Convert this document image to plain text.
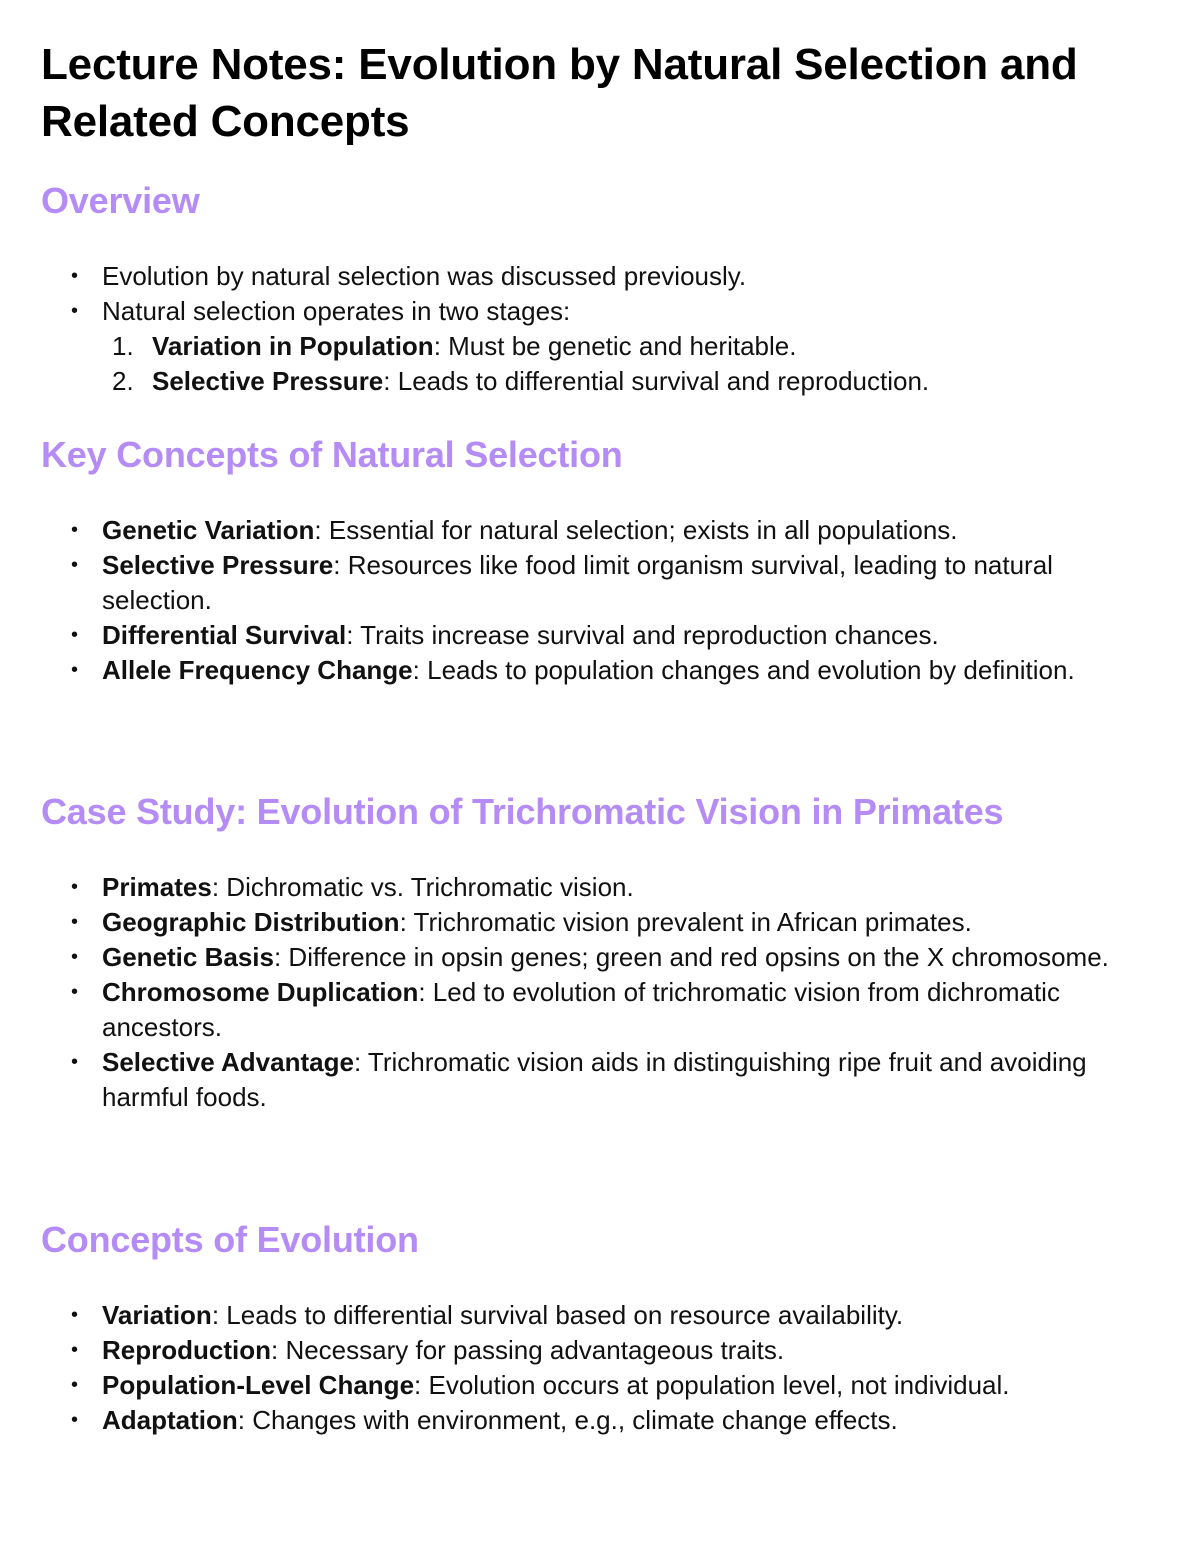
Lecture Notes: Evolution by Natural Selection and Related Concepts
Overview
• Evolution by natural selection was discussed previously.
• Natural selection operates in two stages:
1. Variation in Population: Must be genetic and heritable.
2. Selective Pressure: Leads to differential survival and reproduction.
Key Concepts of Natural Selection
• Genetic Variation: Essential for natural selection; exists in all populations.
• Selective Pressure: Resources like food limit organism survival, leading to natural selection.
• Differential Survival: Traits increase survival and reproduction chances.
• Allele Frequency Change: Leads to population changes and evolution by definition.
Case Study: Evolution of Trichromatic Vision in Primates
• Primates: Dichromatic vs. Trichromatic vision.
• Geographic Distribution: Trichromatic vision prevalent in African primates.
• Genetic Basis: Difference in opsin genes; green and red opsins on the X chromosome.
• Chromosome Duplication: Led to evolution of trichromatic vision from dichromatic ancestors.
• Selective Advantage: Trichromatic vision aids in distinguishing ripe fruit and avoiding harmful foods.
Concepts of Evolution
• Variation: Leads to differential survival based on resource availability.
• Reproduction: Necessary for passing advantageous traits.
• Population-Level Change: Evolution occurs at population level, not individual.
• Adaptation: Changes with environment, e.g., climate change effects.
